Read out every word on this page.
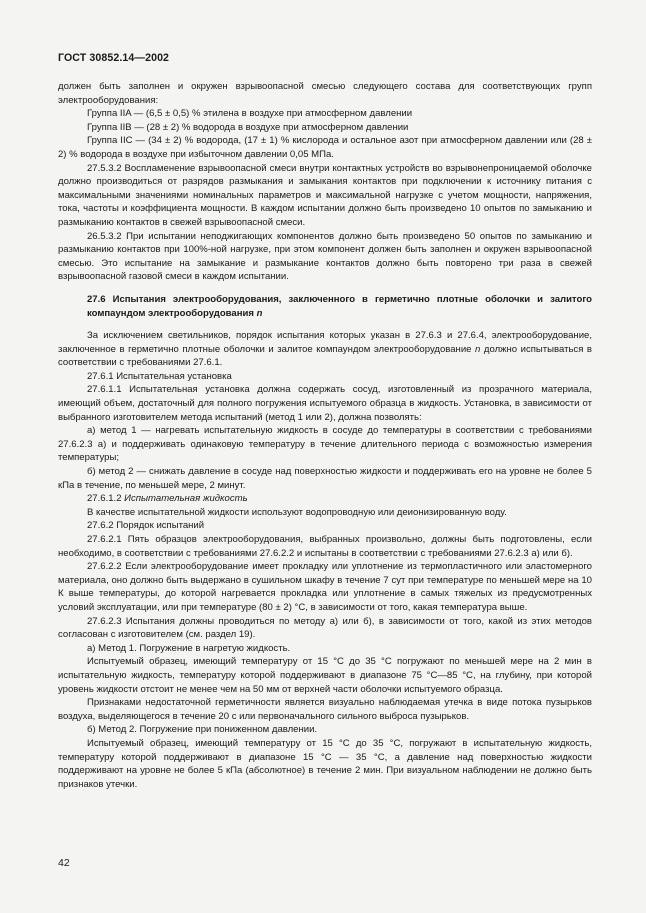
ГОСТ 30852.14—2002

должен быть заполнен и окружен взрывоопасной смесью следующего состава для соответствующих групп электрооборудования:

Группа IIA — (6,5 ± 0,5) % этилена в воздухе при атмосферном давлении

Группа IIB — (28 ± 2) % водорода в воздухе при атмосферном давлении

Группа IIC — (34 ± 2) % водорода, (17 ± 1) % кислорода и остальное азот при атмосферном давлении или (28 ± 2) % водорода в воздухе при избыточном давлении 0,05 МПа.

27.5.3.2 Воспламенение взрывоопасной смеси внутри контактных устройств во взрывонепроницаемой оболочке должно производиться от разрядов размыкания и замыкания контактов при подключении к источнику питания с максимальными значениями номинальных параметров и максимальной нагрузке с учетом мощности, напряжения, тока, частоты и коэффициента мощности. В каждом испытании должно быть произведено 10 опытов по замыканию и размыканию контактов в свежей взрывоопасной смеси.

26.5.3.2 При испытании неподжигающих компонентов должно быть произведено 50 опытов по замыканию и размыканию контактов при 100%-ной нагрузке, при этом компонент должен быть заполнен и окружен взрывоопасной смесью. Это испытание на замыкание и размыкание контактов должно быть повторено три раза в свежей взрывоопасной газовой смеси в каждом испытании.

27.6 Испытания электрооборудования, заключенного в герметично плотные оболочки и залитого компаундом электрооборудования n

За исключением светильников, порядок испытания которых указан в 27.6.3 и 27.6.4, электрооборудование, заключенное в герметично плотные оболочки и залитое компаундом электрооборудование n должно испытываться в соответствии с требованиями 27.6.1.

27.6.1 Испытательная установка

27.6.1.1 Испытательная установка должна содержать сосуд, изготовленный из прозрачного материала, имеющий объем, достаточный для полного погружения испытуемого образца в жидкость. Установка, в зависимости от выбранного изготовителем метода испытаний (метод 1 или 2), должна позволять:

а) метод 1 — нагревать испытательную жидкость в сосуде до температуры в соответствии с требованиями 27.6.2.3 а) и поддерживать одинаковую температуру в течение длительного периода с возможностью измерения температуры;

б) метод 2 — снижать давление в сосуде над поверхностью жидкости и поддерживать его на уровне не более 5 кПа в течение, по меньшей мере, 2 минут.

27.6.1.2 Испытательная жидкость

В качестве испытательной жидкости используют водопроводную или деионизированную воду.

27.6.2 Порядок испытаний

27.6.2.1 Пять образцов электрооборудования, выбранных произвольно, должны быть подготовлены, если необходимо, в соответствии с требованиями 27.6.2.2 и испытаны в соответствии с требованиями 27.6.2.3 а) или б).

27.6.2.2 Если электрооборудование имеет прокладку или уплотнение из термопластичного или эластомерного материала, оно должно быть выдержано в сушильном шкафу в течение 7 сут при температуре по меньшей мере на 10 К выше температуры, до которой нагревается прокладка или уплотнение в самых тяжелых из предусмотренных условий эксплуатации, или при температуре (80 ± 2) °C, в зависимости от того, какая температура выше.

27.6.2.3 Испытания должны проводиться по методу а) или б), в зависимости от того, какой из этих методов согласован с изготовителем (см. раздел 19).

а) Метод 1. Погружение в нагретую жидкость.

Испытуемый образец, имеющий температуру от 15 °C до 35 °C погружают по меньшей мере на 2 мин в испытательную жидкость, температуру которой поддерживают в диапазоне 75 °C—85 °C, на глубину, при которой уровень жидкости отстоит не менее чем на 50 мм от верхней части оболочки испытуемого образца.

Признаками недостаточной герметичности является визуально наблюдаемая утечка в виде потока пузырьков воздуха, выделяющегося в течение 20 с или первоначального сильного выброса пузырьков.

б) Метод 2. Погружение при пониженном давлении.

Испытуемый образец, имеющий температуру от 15 °C до 35 °C, погружают в испытательную жидкость, температуру которой поддерживают в диапазоне 15 °C — 35 °C, а давление над поверхностью жидкости поддерживают на уровне не более 5 кПа (абсолютное) в течение 2 мин. При визуальном наблюдении не должно быть признаков утечки.

42
